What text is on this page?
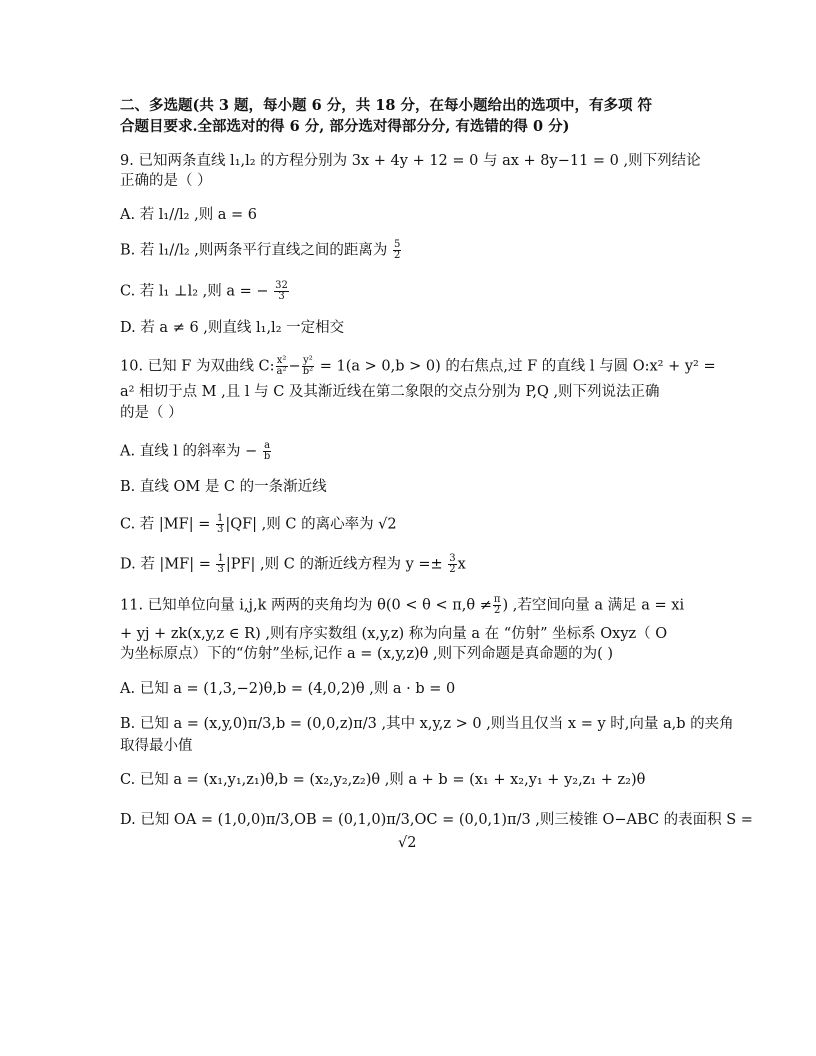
二、多选题(共 3 题，每小题 6 分，共 18 分，在每小题给出的选项中，有多项 符
合题目要求.全部选对的得 6 分, 部分选对得部分分, 有选错的得 0 分)
9. 已知两条直线 l₁,l₂ 的方程分别为 3x + 4y + 12 = 0 与 ax + 8y−11 = 0 ,则下列结论
正确的是（ ）
A. 若 l₁//l₂ ,则 a = 6
B. 若 l₁//l₂ ,则两条平行直线之间的距离为 $\frac{5}{2}$
C. 若 l₁ ⊥l₂ ,则 a = − $\frac{32}{3}$
D. 若 a ≠ 6 ,则直线 l₁,l₂ 一定相交
10. 已知 F 为双曲线 C: $\frac{\text{x²}}{\text{a²}} - \frac{\text{y²}}{\text{b²}} = 1(a > 0,b > 0)$ 的右焦点,过 F 的直线 l 与圆 O:x² + y² =
a² 相切于点 M ,且 l 与 C 及其渐近线在第二象限的交点分别为 P,Q ,则下列说法正确
的是（ ）
A. 直线 l 的斜率为 − $\frac{a}{b}$
B. 直线 OM 是 C 的一条渐近线
C. 若 $|MF| = \frac{1}{3} |QF|$ ,则 C 的离心率为 √2
D. 若 $|MF| = \frac{1}{3} |PF|$ ,则 C 的渐近线方程为 $y =\pm \frac{3}{2}$ x
11. 已知单位向量 i,j,k 两两的夹角均为 $\theta(0 < \theta < \pi,\theta \ne \frac{\pi}{2}$ ) ,若空间向量 a 满足 a = xi
+ yj + zk(x,y,z ∈ R) ,则有序实数组 (x,y,z) 称为向量 a 在 “仿射” 坐标系 Oxyz（ O
为坐标原点）下的“仿射”坐标,记作 a = (x,y,z)θ ,则下列命题是真命题的为( )
A. 已知 a = (1,3,−2)θ,b = (4,0,2)θ ,则 a · b = 0
B. 已知 a = (x,y,0)π/3,b = (0,0,z)π/3 ,其中 x,y,z > 0 ,则当且仅当 x = y 时,向量 a,b 的夹角
取得最小值
C. 已知 a = (x₁,y₁,z₁)θ,b = (x₂,y₂,z₂)θ ,则 a + b = (x₁ + x₂,y₁ + y₂,z₁ + z₂)θ
D. 已知 OA = (1,0,0)π/3,OB = (0,1,0)π/3,OC = (0,0,1)π/3 ,则三棱锥 O−ABC 的表面积 S =
√2
